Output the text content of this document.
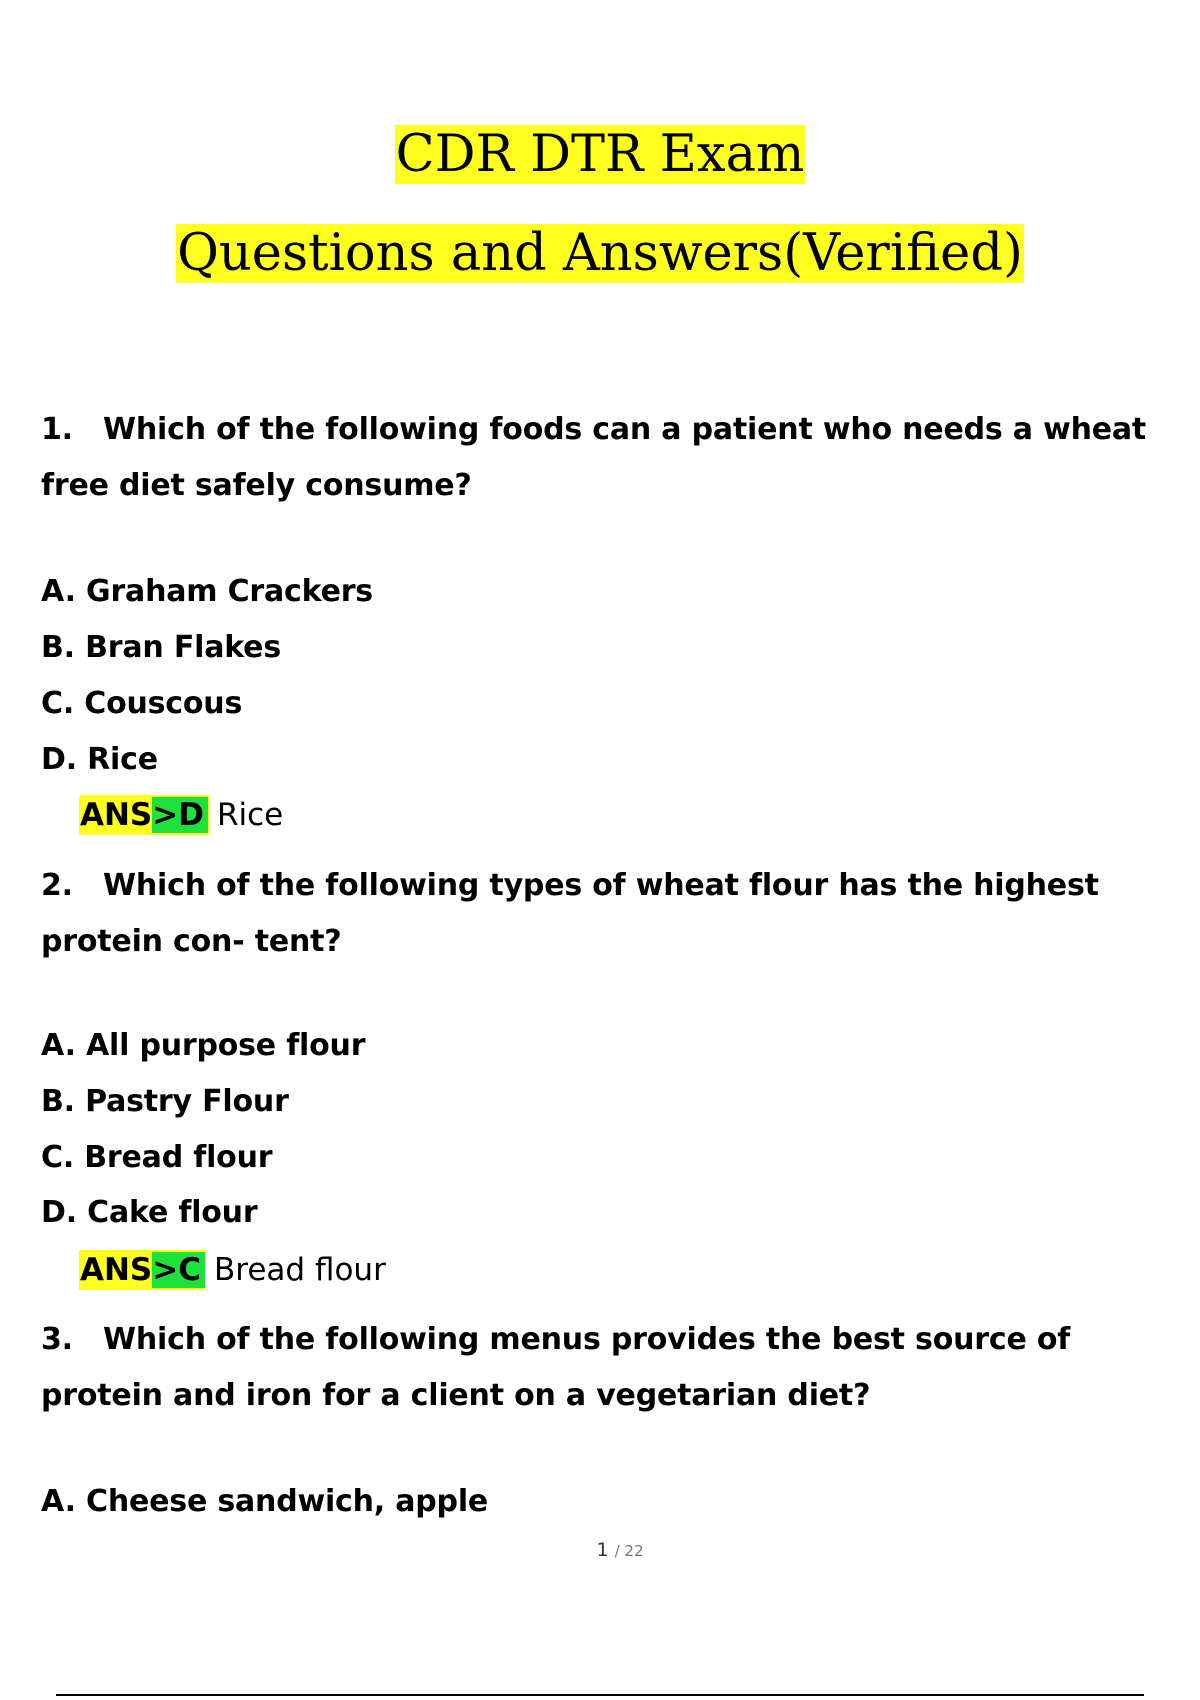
CDR DTR Exam
Questions and Answers(Verified)
1. Which of the following foods can a patient who needs a wheat free diet safely consume?
A. Graham Crackers
B. Bran Flakes
C. Couscous
D. Rice
ANS>D Rice
2. Which of the following types of wheat flour has the highest protein con- tent?
A. All purpose flour
B. Pastry Flour
C. Bread flour
D. Cake flour
ANS>C Bread flour
3. Which of the following menus provides the best source of protein and iron for a client on a vegetarian diet?
A. Cheese sandwich, apple
1 / 22
